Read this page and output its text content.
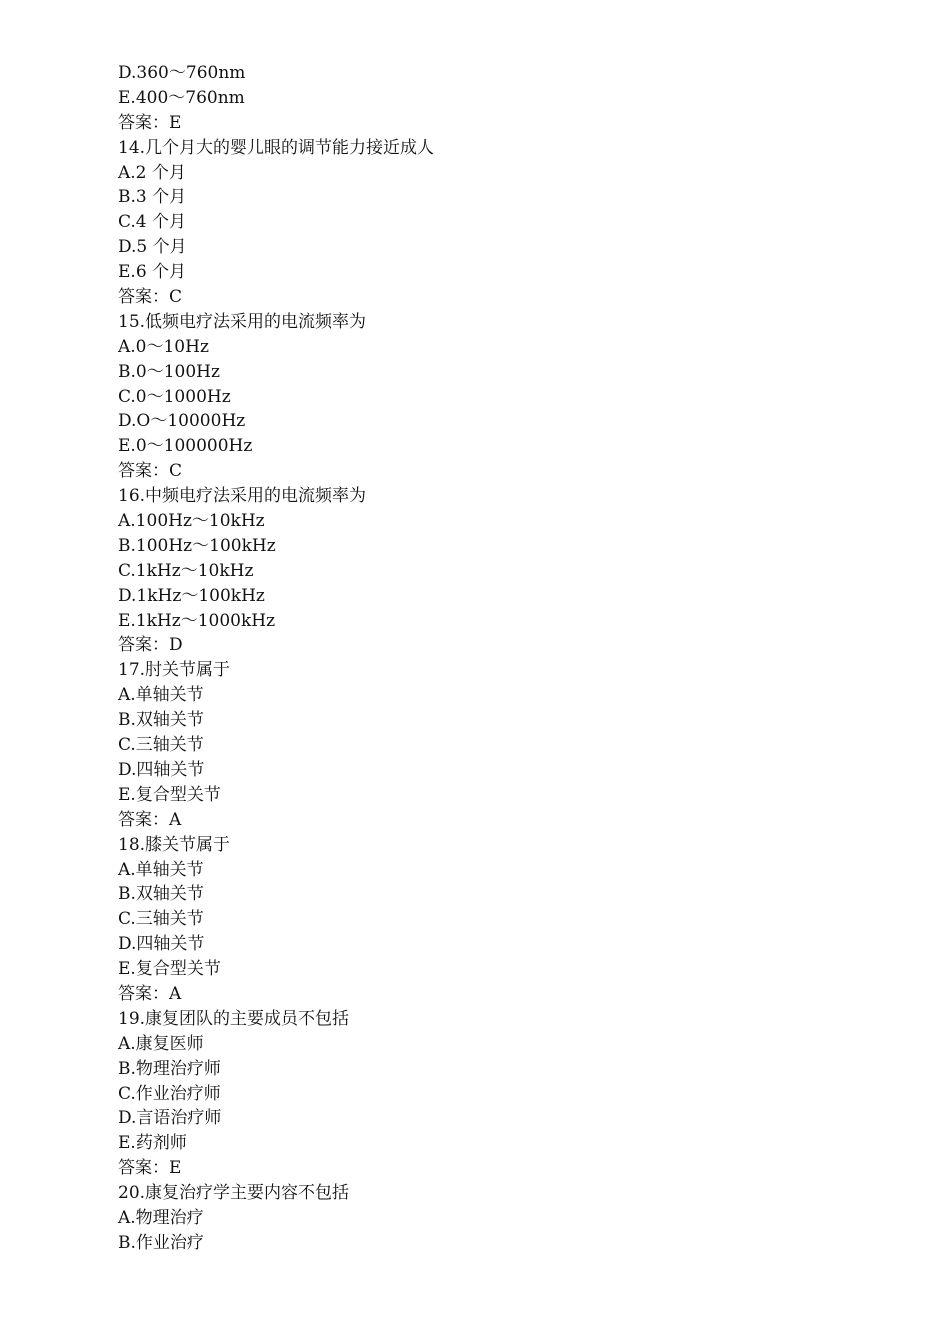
D.360～760nm
E.400～760nm
答案：E
14.几个月大的婴儿眼的调节能力接近成人
A.2 个月
B.3 个月
C.4 个月
D.5 个月
E.6 个月
答案：C
15.低频电疗法采用的电流频率为
A.0～10Hz
B.0～100Hz
C.0～1000Hz
D.O～10000Hz
E.0～100000Hz
答案：C
16.中频电疗法采用的电流频率为
A.100Hz～10kHz
B.100Hz～100kHz
C.1kHz～10kHz
D.1kHz～100kHz
E.1kHz～1000kHz
答案：D
17.肘关节属于
A.单轴关节
B.双轴关节
C.三轴关节
D.四轴关节
E.复合型关节
答案：A
18.膝关节属于
A.单轴关节
B.双轴关节
C.三轴关节
D.四轴关节
E.复合型关节
答案：A
19.康复团队的主要成员不包括
A.康复医师
B.物理治疗师
C.作业治疗师
D.言语治疗师
E.药剂师
答案：E
20.康复治疗学主要内容不包括
A.物理治疗
B.作业治疗
